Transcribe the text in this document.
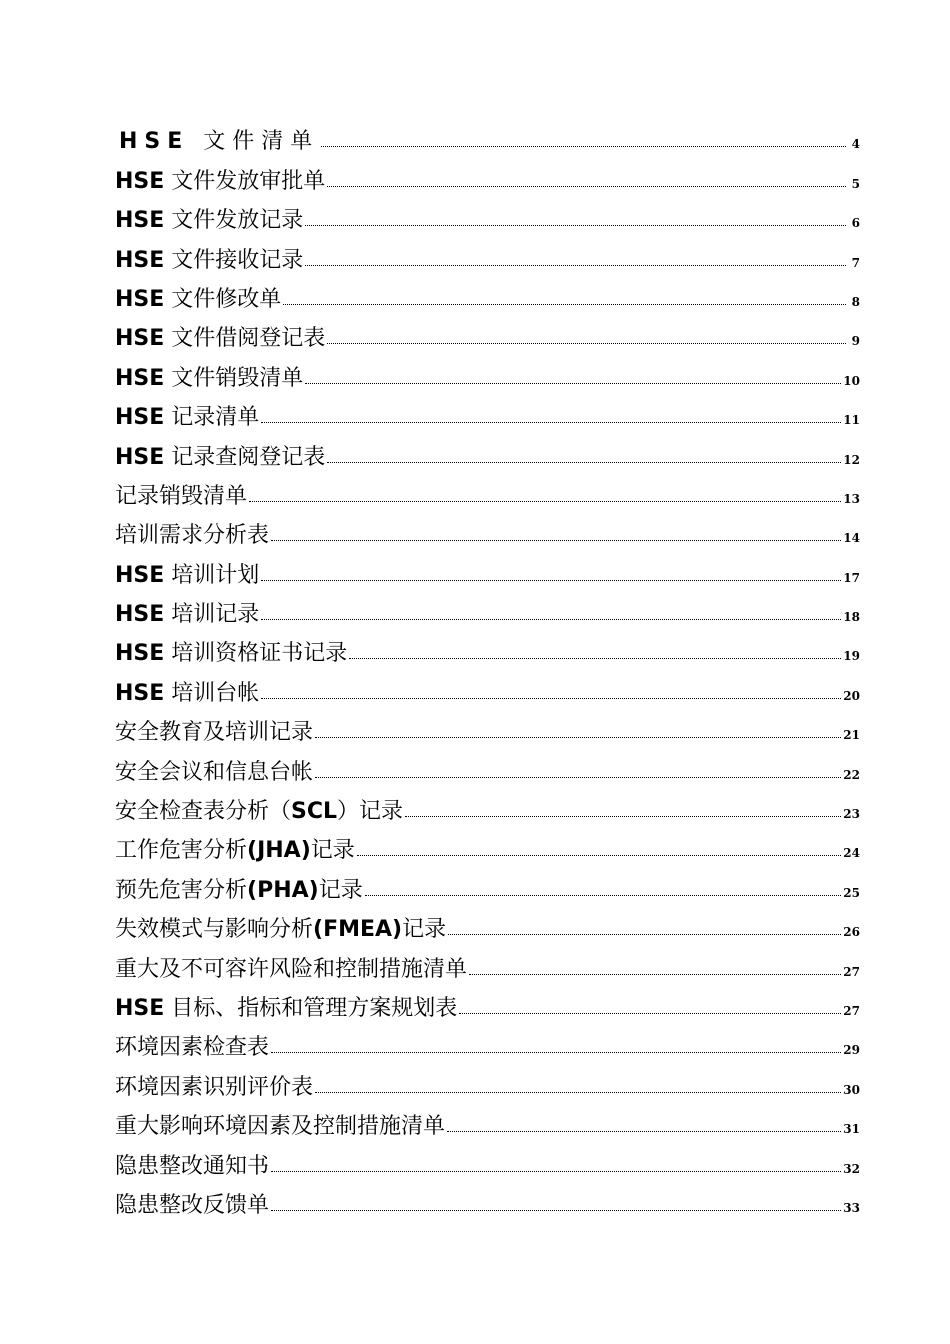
HSE 文件清单	4
HSE 文件发放审批单	5
HSE 文件发放记录	6
HSE 文件接收记录	7
HSE 文件修改单	8
HSE 文件借阅登记表	9
HSE 文件销毁清单	10
HSE 记录清单	11
HSE 记录查阅登记表	12
记录销毁清单	13
培训需求分析表	14
HSE 培训计划	17
HSE 培训记录	18
HSE 培训资格证书记录	19
HSE 培训台帐	20
安全教育及培训记录	21
安全会议和信息台帐	22
安全检查表分析（SCL）记录	23
工作危害分析(JHA)记录	24
预先危害分析(PHA)记录	25
失效模式与影响分析(FMEA)记录	26
重大及不可容许风险和控制措施清单	27
HSE 目标、指标和管理方案规划表	27
环境因素检查表	29
环境因素识别评价表	30
重大影响环境因素及控制措施清单	31
隐患整改通知书	32
隐患整改反馈单	33
